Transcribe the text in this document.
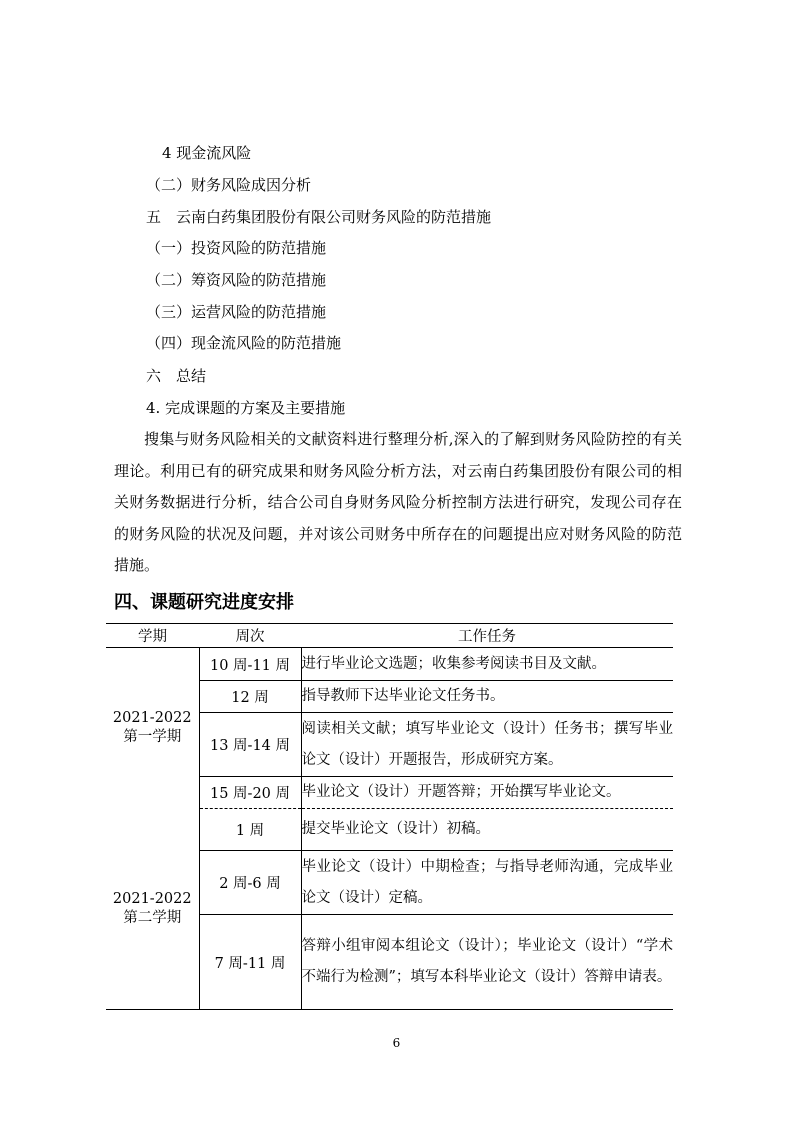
4 现金流风险
（二）财务风险成因分析
五　云南白药集团股份有限公司财务风险的防范措施
（一）投资风险的防范措施
（二）筹资风险的防范措施
（三）运营风险的防范措施
（四）现金流风险的防范措施
六　总结
4. 完成课题的方案及主要措施
搜集与财务风险相关的文献资料进行整理分析,深入的了解到财务风险防控的有关理论。利用已有的研究成果和财务风险分析方法，对云南白药集团股份有限公司的相关财务数据进行分析，结合公司自身财务风险分析控制方法进行研究，发现公司存在的财务风险的状况及问题，并对该公司财务中所存在的问题提出应对财务风险的防范措施。
四、课题研究进度安排
学期	周次	工作任务

2021-2022
第一学期	10 周-11 周	进行毕业论文选题；收集参考阅读书目及文献。
	12 周	指导教师下达毕业论文任务书。
	13 周-14 周	阅读相关文献；填写毕业论文（设计）任务书；撰写毕业论文（设计）开题报告，形成研究方案。
	15 周-20 周	毕业论文（设计）开题答辩；开始撰写毕业论文。

2021-2022
第二学期	1 周	提交毕业论文（设计）初稿。
	2 周-6 周	毕业论文（设计）中期检查；与指导老师沟通，完成毕业论文（设计）定稿。
	7 周-11 周	答辩小组审阅本组论文（设计）；毕业论文（设计）“学术不端行为检测”；填写本科毕业论文（设计）答辩申请表。
6
